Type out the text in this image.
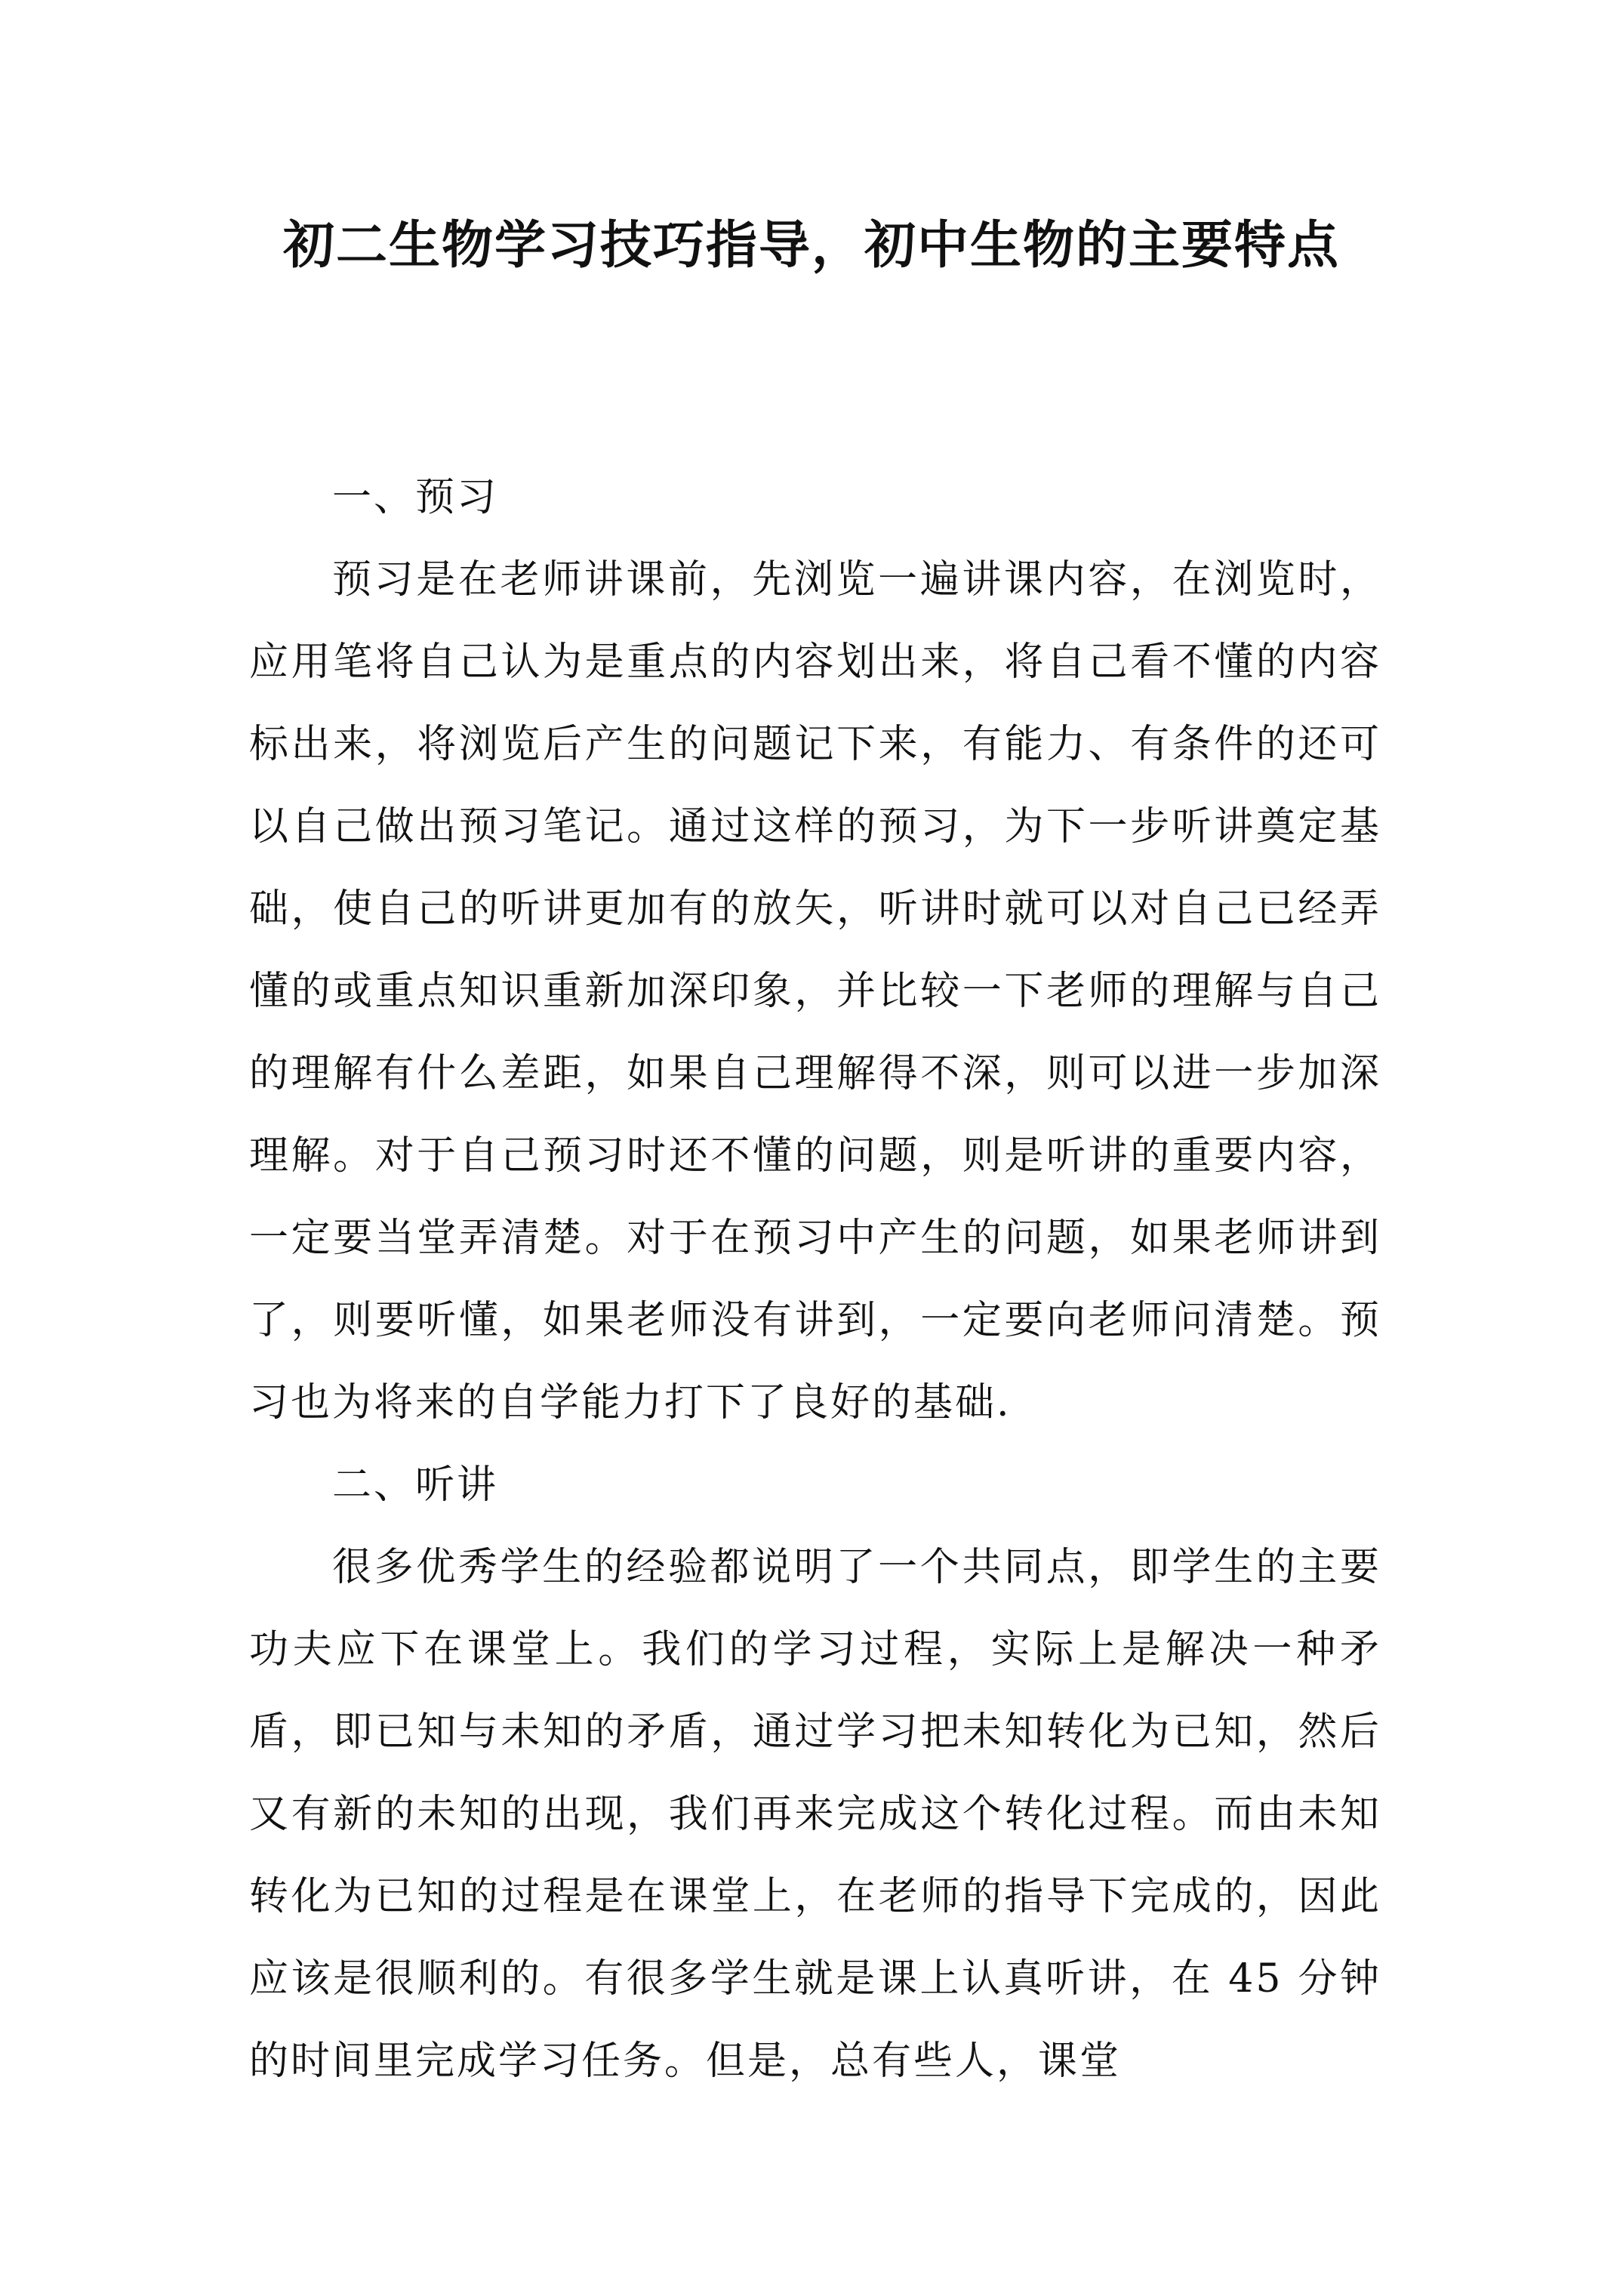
初二生物学习技巧指导，初中生物的主要特点

一、预习

预习是在老师讲课前，先浏览一遍讲课内容，在浏览时，应用笔将自己认为是重点的内容划出来，将自己看不懂的内容标出来，将浏览后产生的问题记下来，有能力、有条件的还可以自己做出预习笔记。通过这样的预习，为下一步听讲奠定基础，使自己的听讲更加有的放矢，听讲时就可以对自己已经弄懂的或重点知识重新加深印象，并比较一下老师的理解与自己的理解有什么差距，如果自己理解得不深，则可以进一步加深理解。对于自己预习时还不懂的问题，则是听讲的重要内容，一定要当堂弄清楚。对于在预习中产生的问题，如果老师讲到了，则要听懂，如果老师没有讲到，一定要向老师问清楚。预习也为将来的自学能力打下了良好的基础.

二、听讲

很多优秀学生的经验都说明了一个共同点，即学生的主要功夫应下在课堂上。我们的学习过程，实际上是解决一种矛盾，即已知与未知的矛盾，通过学习把未知转化为已知，然后又有新的未知的出现，我们再来完成这个转化过程。而由未知转化为已知的过程是在课堂上，在老师的指导下完成的，因此应该是很顺利的。有很多学生就是课上认真听讲，在 45 分钟的时间里完成学习任务。但是，总有些人，课堂
